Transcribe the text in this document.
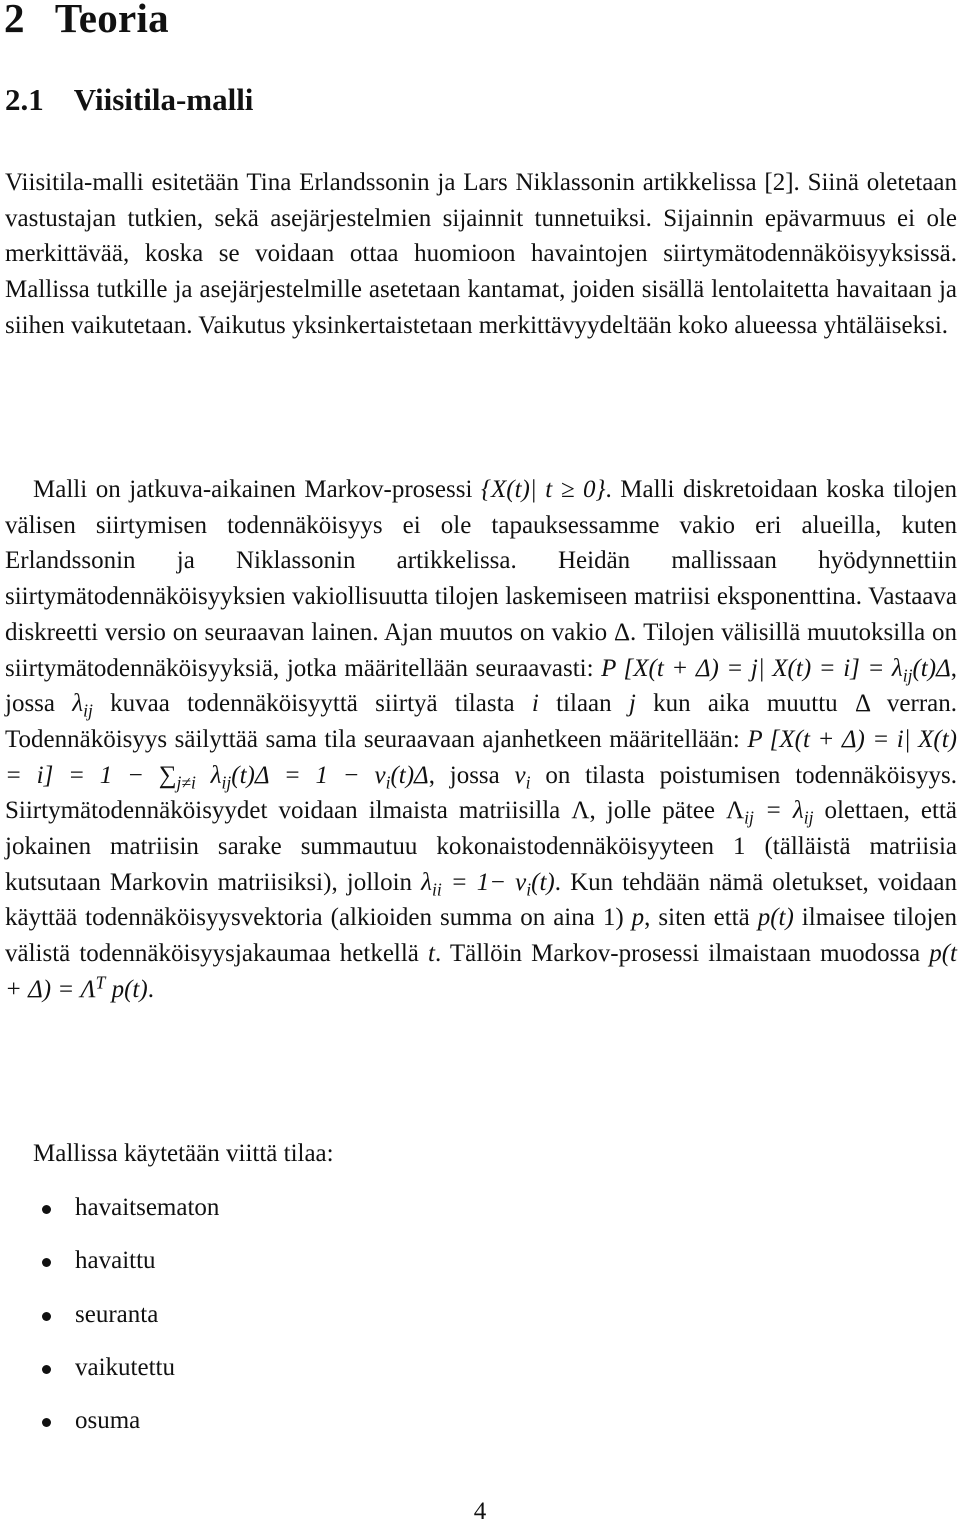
2 Teoria
2.1 Viisitila-malli

Viisitila-malli esitetään Tina Erlandssonin ja Lars Niklassonin artikkelissa [2]. Siinä oletetaan vastustajan tutkien, sekä asejärjestelmien sijainnit tunnetuiksi. Sijainnin epävarmuus ei ole merkittävää, koska se voidaan ottaa huomioon havaintojen siirtymätodennäköisyyksissä. Mallissa tutkille ja asejärjestelmille asetetaan kantamat, joiden sisällä lentolaitetta havaitaan ja siihen vaikutetaan. Vaikutus yksinkertaistetaan merkittävyydeltään koko alueessa yhtäläiseksi.

Malli on jatkuva-aikainen Markov-prosessi {X(t)| t ≥ 0}. Malli diskretoidaan koska tilojen välisen siirtymisen todennäköisyys ei ole tapauksessamme vakio eri alueilla, kuten Erlandssonin ja Niklassonin artikkelissa. Heidän mallissaan hyödynnettiin siirtymätodennäköisyyksien vakiollisuutta tilojen laskemiseen matriisi eksponenttina. Vastaava diskreetti versio on seuraavan lainen. Ajan muutos on vakio Δ. Tilojen välisillä muutoksilla on siirtymätodennäköisyyksiä, jotka määritellään seuraavasti: P [X(t + Δ) = j| $X(t) = i] = \lambda_{ij}(t)\Delta$, jossa $\lambda_{ij}$ kuvaa todennäköisyyttä siirtyä tilasta i tilaan j kun aika muuttu Δ verran. Todennäköisyys säilyttää sama tila seuraavaan ajanhetkeen määritellään: P [X(t + Δ) = i| $X(t) = i] = 1 - \sum_{j\ne i}$ $\lambda_{ij}(t)\Delta = 1 - v_i(t)\Delta$, jossa $v_i$ on tilasta poistumisen todennäköisyys. Siirtymätodennäköisyydet voidaan ilmaista matriisilla Λ, jolle pätee $\Lambda_{ij} = \lambda_{ij}$ olettaen, että jokainen matriisin sarake summautuu kokonaistodennäköisyyteen 1 (tälläistä matriisia kutsutaan Markovin matriisiksi), jolloin $\lambda_{ii} = 1- v_i(t)$. Kun tehdään nämä oletukset, voidaan käyttää todennäköisyysvektoria (alkioiden summa on aina 1) p, siten että p(t) ilmaisee tilojen välistä todennäköisyysjakaumaa hetkellä t. Tällöin Markov-prosessi ilmaistaan muodossa $p(t + \Delta) = \Lambda^T$ p(t).

Mallissa käytetään viittä tilaa:

havaitsematon
havaittu
seuranta
vaikutettu
osuma
4
